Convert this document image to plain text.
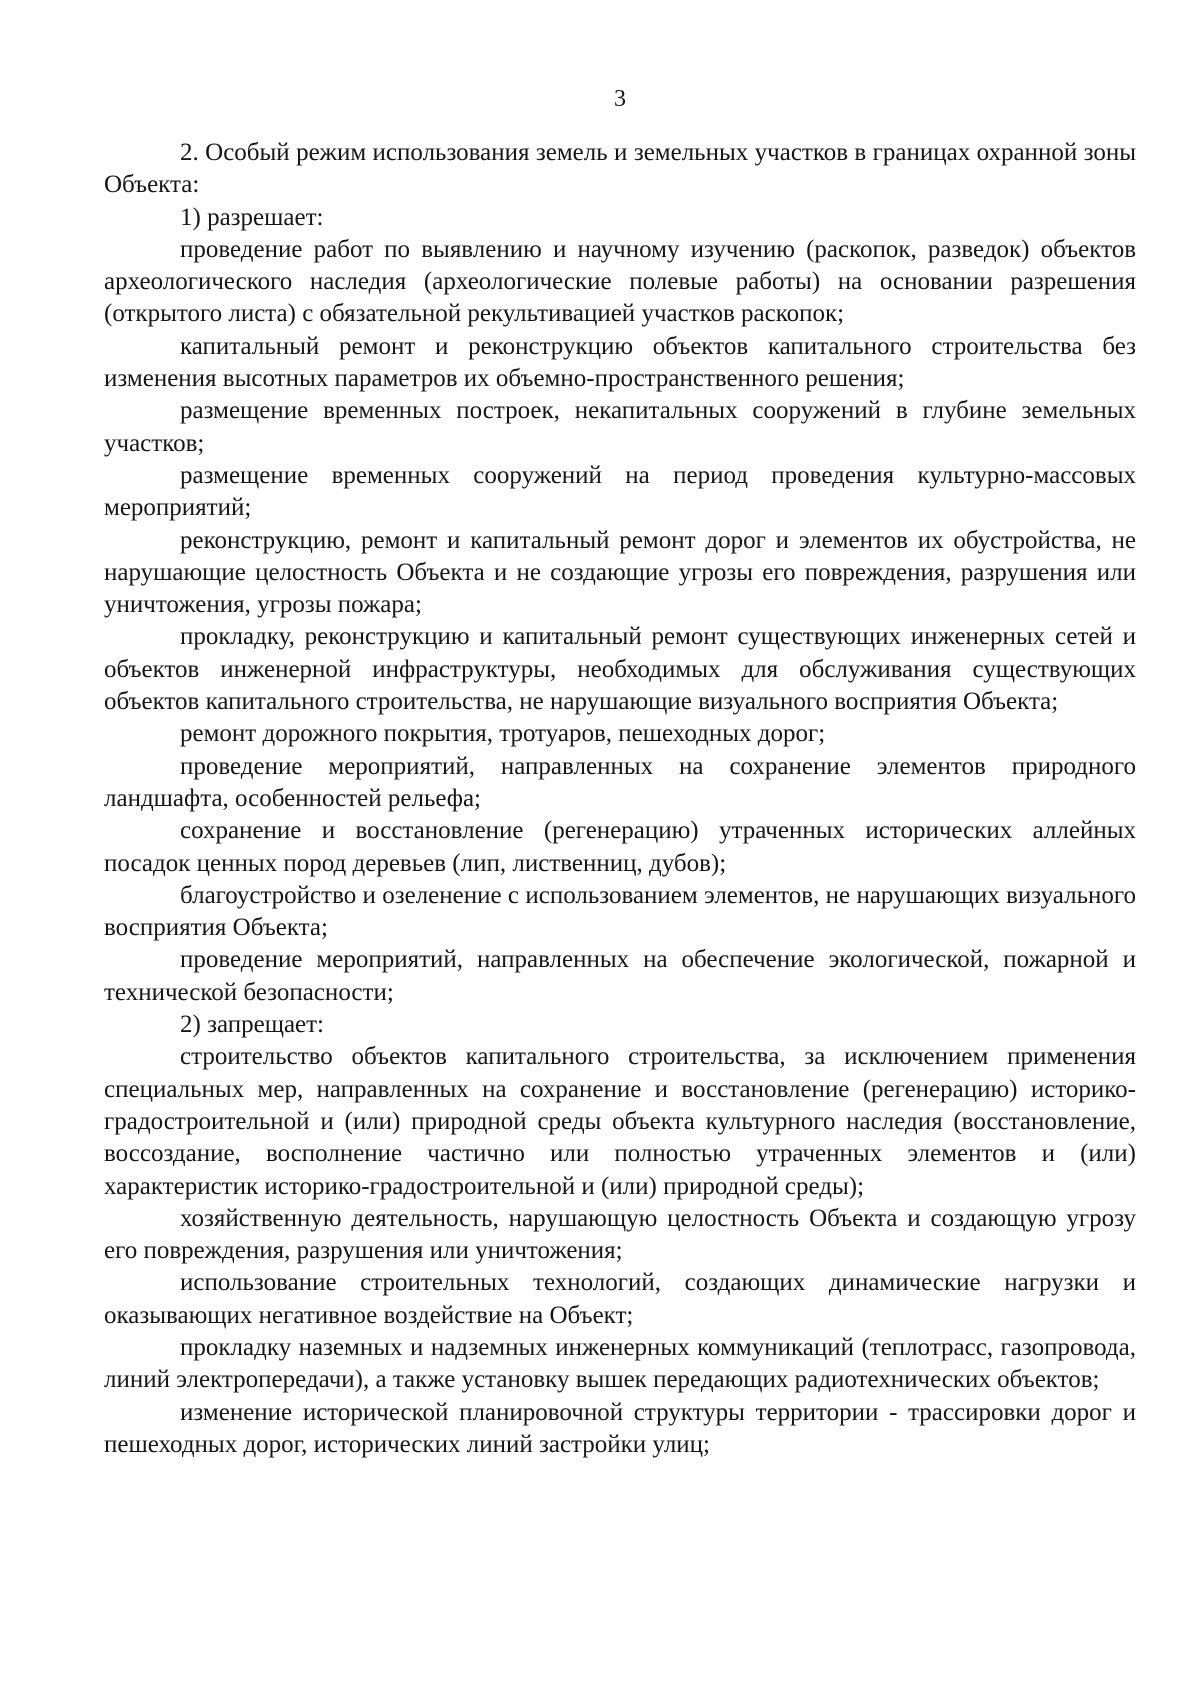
3

2. Особый режим использования земель и земельных участков в границах охранной зоны Объекта:

1) разрешает:

проведение работ по выявлению и научному изучению (раскопок, разведок) объектов археологического наследия (археологические полевые работы) на основании разрешения (открытого листа) с обязательной рекультивацией участков раскопок;

капитальный ремонт и реконструкцию объектов капитального строительства без изменения высотных параметров их объемно-пространственного решения;

размещение временных построек, некапитальных сооружений в глубине земельных участков;

размещение временных сооружений на период проведения культурно-массовых мероприятий;

реконструкцию, ремонт и капитальный ремонт дорог и элементов их обустройства, не нарушающие целостность Объекта и не создающие угрозы его повреждения, разрушения или уничтожения, угрозы пожара;

прокладку, реконструкцию и капитальный ремонт существующих инженерных сетей и объектов инженерной инфраструктуры, необходимых для обслуживания существующих объектов капитального строительства, не нарушающие визуального восприятия Объекта;

ремонт дорожного покрытия, тротуаров, пешеходных дорог;

проведение мероприятий, направленных на сохранение элементов природного ландшафта, особенностей рельефа;

сохранение и восстановление (регенерацию) утраченных исторических аллейных посадок ценных пород деревьев (лип, лиственниц, дубов);

благоустройство и озеленение с использованием элементов, не нарушающих визуального восприятия Объекта;

проведение мероприятий, направленных на обеспечение экологической, пожарной и технической безопасности;

2) запрещает:

строительство объектов капитального строительства, за исключением применения специальных мер, направленных на сохранение и восстановление (регенерацию) историко-градостроительной и (или) природной среды объекта культурного наследия (восстановление, воссоздание, восполнение частично или полностью утраченных элементов и (или) характеристик историко-градостроительной и (или) природной среды);

хозяйственную деятельность, нарушающую целостность Объекта и создающую угрозу его повреждения, разрушения или уничтожения;

использование строительных технологий, создающих динамические нагрузки и оказывающих негативное воздействие на Объект;

прокладку наземных и надземных инженерных коммуникаций (теплотрасс, газопровода, линий электропередачи), а также установку вышек передающих радиотехнических объектов;

изменение исторической планировочной структуры территории - трассировки дорог и пешеходных дорог, исторических линий застройки улиц;
